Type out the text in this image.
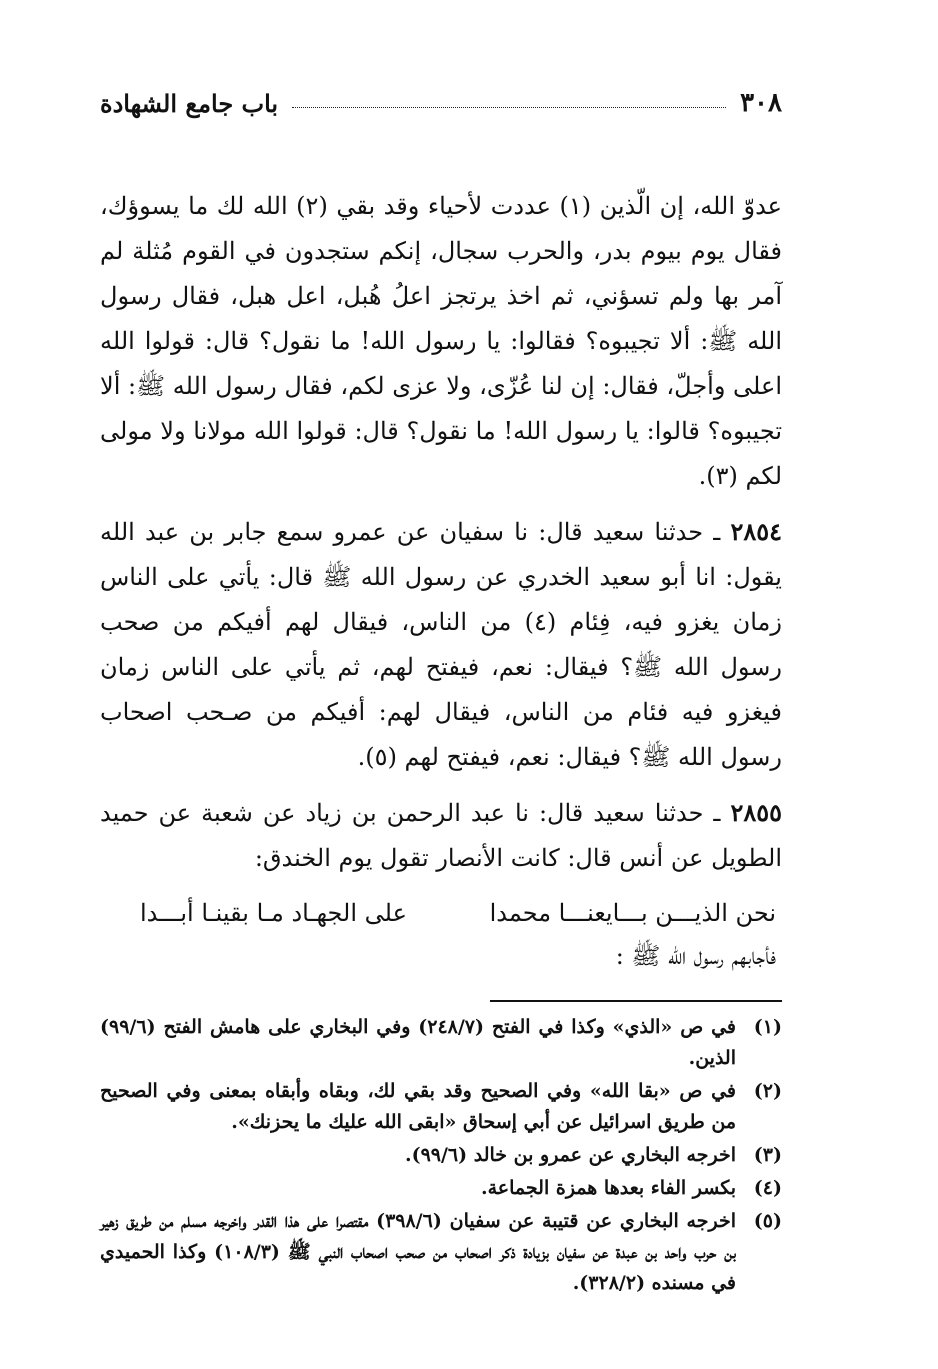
٣٠٨
باب جامع الشهادة

عدوّ الله، إن الّذين (١) عددت لأحياء وقد بقي (٢) الله لك ما يسوؤك، فقال يوم بيوم بدر، والحرب سجال، إنكم ستجدون في القوم مُثلة لم آمر بها ولم تسؤني، ثم اخذ يرتجز اعلُ هُبل، اعل هبل، فقال رسول الله ﷺ: ألا تجيبوه؟ فقالوا: يا رسول الله! ما نقول؟ قال: قولوا الله اعلى وأجلّ، فقال: إن لنا عُزّى، ولا عزى لكم، فقال رسول الله ﷺ: ألا تجيبوه؟ قالوا: يا رسول الله! ما نقول؟ قال: قولوا الله مولانا ولا مولى لكم (٣).

٢٨٥٤ ـ حدثنا سعيد قال: نا سفيان عن عمرو سمع جابر بن عبد الله يقول: انا أبو سعيد الخدري عن رسول الله ﷺ قال: يأتي على الناس زمان يغزو فيه، فِئام (٤) من الناس، فيقال لهم أفيكم من صحب رسول الله ﷺ؟ فيقال: نعم، فيفتح لهم، ثم يأتي على الناس زمان فيغزو فيه فئام من الناس، فيقال لهم: أفيكم من صـحب اصحاب رسول الله ﷺ؟ فيقال: نعم، فيفتح لهم (٥).

٢٨٥٥ ـ حدثنا سعيد قال: نا عبد الرحمن بن زياد عن شعبة عن حميد الطويل عن أنس قال: كانت الأنصار تقول يوم الخندق:

نحن الذيـــن بـــايعنـــا محمدا
على الجهـاد مـا بقينـا أبـــدا
فأجابهم رسول الله ﷺ :
(١)
في ص «الذي» وكذا في الفتح (٢٤٨/٧) وفي البخاري على هامش الفتح (٩٩/٦) الذين.
(٢)
في ص «بقا الله» وفي الصحيح وقد بقي لك، وبقاه وأبقاه بمعنى وفي الصحيح من طريق اسرائيل عن أبي إسحاق «ابقى الله عليك ما يحزنك».
(٣)
اخرجه البخاري عن عمرو بن خالد (٩٩/٦).
(٤)
بكسر الفاء بعدها همزة الجماعة.
(٥)
اخرجه البخاري عن قتيبة عن سفيان (٣٩٨/٦) مقتصرا على هذا القدر واخرجه مسلم من طريق زهير بن حرب واحد بن عبدة عن سفيان بزيادة ذكر اصحاب من صحب اصحاب النبي ﷺ (١٠٨/٣) وكذا الحميدي في مسنده (٣٢٨/٢).
